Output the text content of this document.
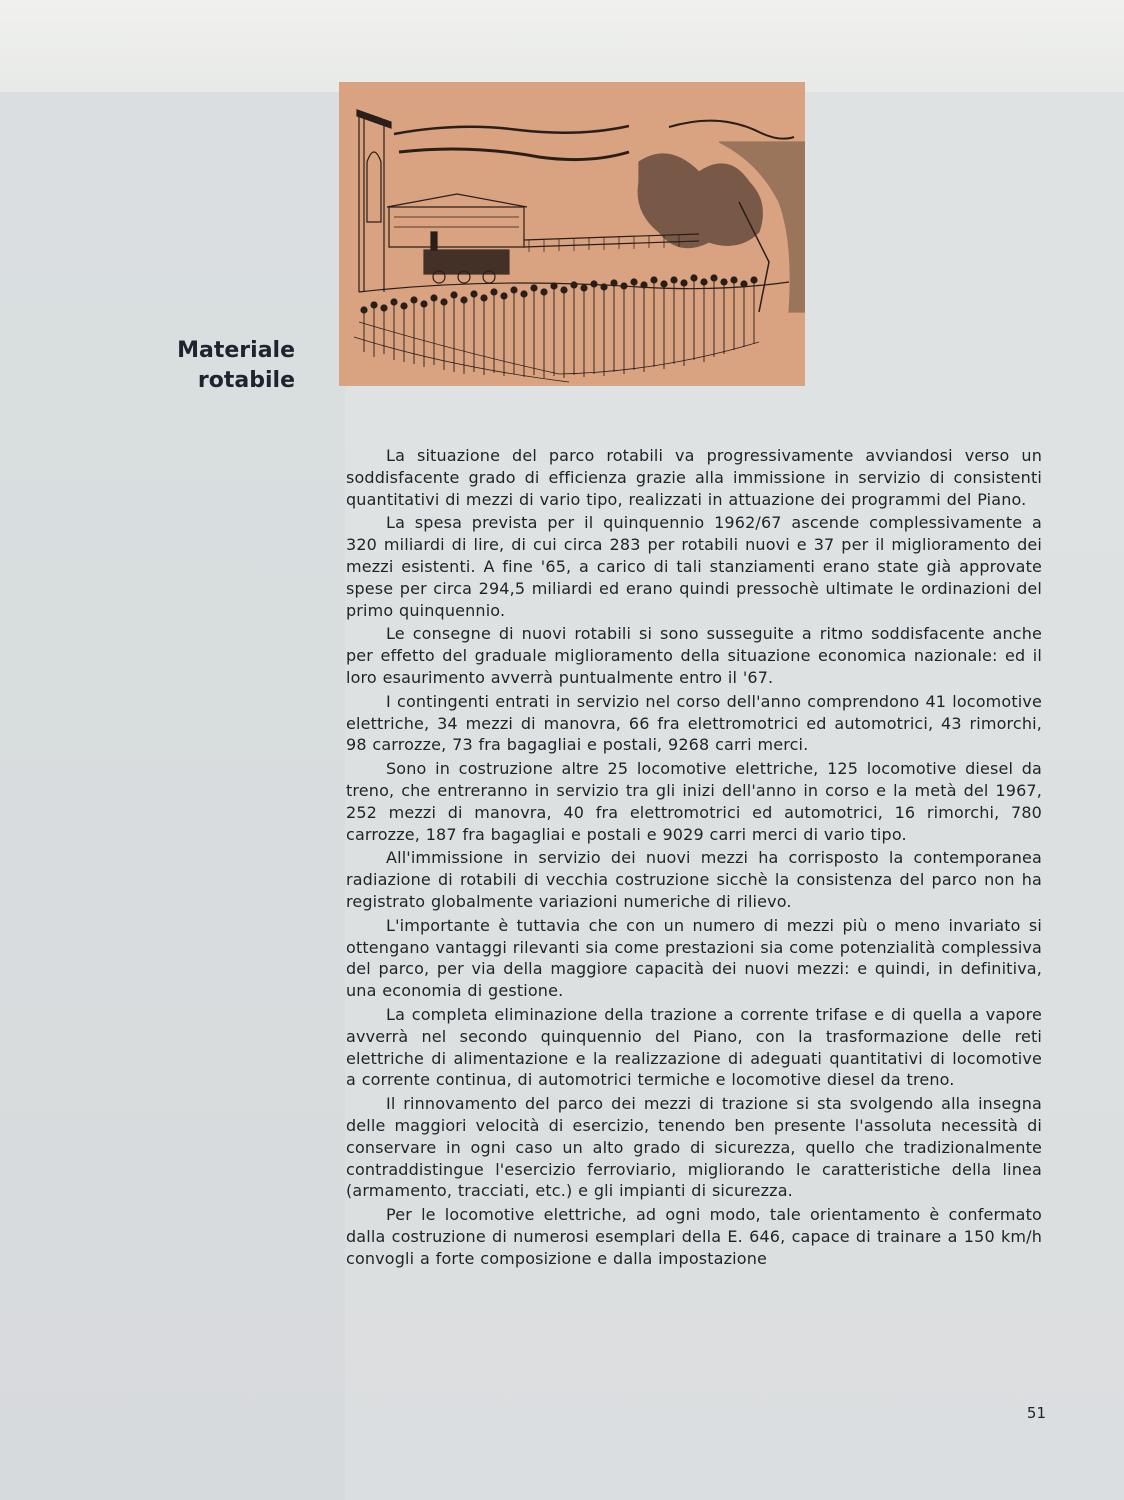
Materiale
rotabile

La situazione del parco rotabili va progressivamente avviandosi verso un soddisfacente grado di efficienza grazie alla immissione in servizio di consistenti quantitativi di mezzi di vario tipo, realizzati in attuazione dei programmi del Piano.

La spesa prevista per il quinquennio 1962/67 ascende complessivamente a 320 miliardi di lire, di cui circa 283 per rotabili nuovi e 37 per il miglioramento dei mezzi esistenti. A fine '65, a carico di tali stanziamenti erano state già approvate spese per circa 294,5 miliardi ed erano quindi pressochè ultimate le ordinazioni del primo quinquennio.

Le consegne di nuovi rotabili si sono susseguite a ritmo soddisfacente anche per effetto del graduale miglioramento della situazione economica nazionale: ed il loro esaurimento avverrà puntualmente entro il '67.

I contingenti entrati in servizio nel corso dell'anno comprendono 41 locomotive elettriche, 34 mezzi di manovra, 66 fra elettromotrici ed automotrici, 43 rimorchi, 98 carrozze, 73 fra bagagliai e postali, 9268 carri merci.

Sono in costruzione altre 25 locomotive elettriche, 125 locomotive diesel da treno, che entreranno in servizio tra gli inizi dell'anno in corso e la metà del 1967, 252 mezzi di manovra, 40 fra elettromotrici ed automotrici, 16 rimorchi, 780 carrozze, 187 fra bagagliai e postali e 9029 carri merci di vario tipo.

All'immissione in servizio dei nuovi mezzi ha corrisposto la contemporanea radiazione di rotabili di vecchia costruzione sicchè la consistenza del parco non ha registrato globalmente variazioni numeriche di rilievo.

L'importante è tuttavia che con un numero di mezzi più o meno invariato si ottengano vantaggi rilevanti sia come prestazioni sia come potenzialità complessiva del parco, per via della maggiore capacità dei nuovi mezzi: e quindi, in definitiva, una economia di gestione.

La completa eliminazione della trazione a corrente trifase e di quella a vapore avverrà nel secondo quinquennio del Piano, con la trasformazione delle reti elettriche di alimentazione e la realizzazione di adeguati quantitativi di locomotive a corrente continua, di automotrici termiche e locomotive diesel da treno.

Il rinnovamento del parco dei mezzi di trazione si sta svolgendo alla insegna delle maggiori velocità di esercizio, tenendo ben presente l'assoluta necessità di conservare in ogni caso un alto grado di sicurezza, quello che tradizionalmente contraddistingue l'esercizio ferroviario, migliorando le caratteristiche della linea (armamento, tracciati, etc.) e gli impianti di sicurezza.

Per le locomotive elettriche, ad ogni modo, tale orientamento è confermato dalla costruzione di numerosi esemplari della E. 646, capace di trainare a 150 km/h convogli a forte composizione e dalla impostazione

51
